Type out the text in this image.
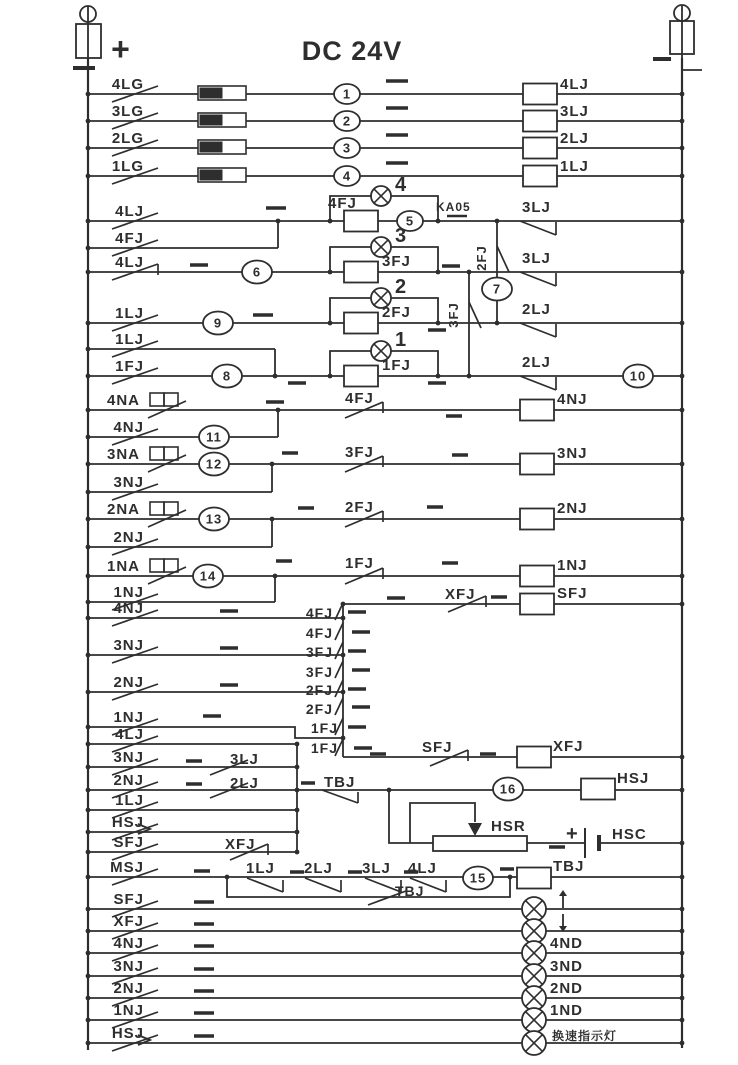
1
2
3
4
5
6
7
8
9
10
11
12
13
14
15
16
DC 24V
+
4LG
3LG
2LG
1LG
4LJ
4FJ
4LJ
1LJ
1LJ
1FJ
4NA
4NJ
3NA
3NJ
2NA
2NJ
1NA
1NJ
4NJ
3NJ
2NJ
1NJ
4LJ
3NJ
2NJ
1LJ
HSJ
SFJ
MSJ
SFJ
XFJ
4NJ
3NJ
2NJ
1NJ
HSJ
4LJ
3LJ
2LJ
1LJ
4FJ
3FJ
2FJ
1FJ
4
3
2
1
KA05	3LJ
3LJ
2LJ
2LJ
4FJ
3FJ
2FJ
1FJ
4NJ
3NJ
2NJ
1NJ
XFJ	SFJ
4FJ
4FJ
3FJ
3FJ
2FJ
2FJ
1FJ
1FJ	SFJ	XFJ
3LJ
2LJ	TBJ
XFJ
HSJ
HSR + HSC
1LJ 2LJ 3LJ 4LJ	TBJ
TBJ
4ND
3ND
2ND
1ND
换速指示灯
2FJ
3FJ
